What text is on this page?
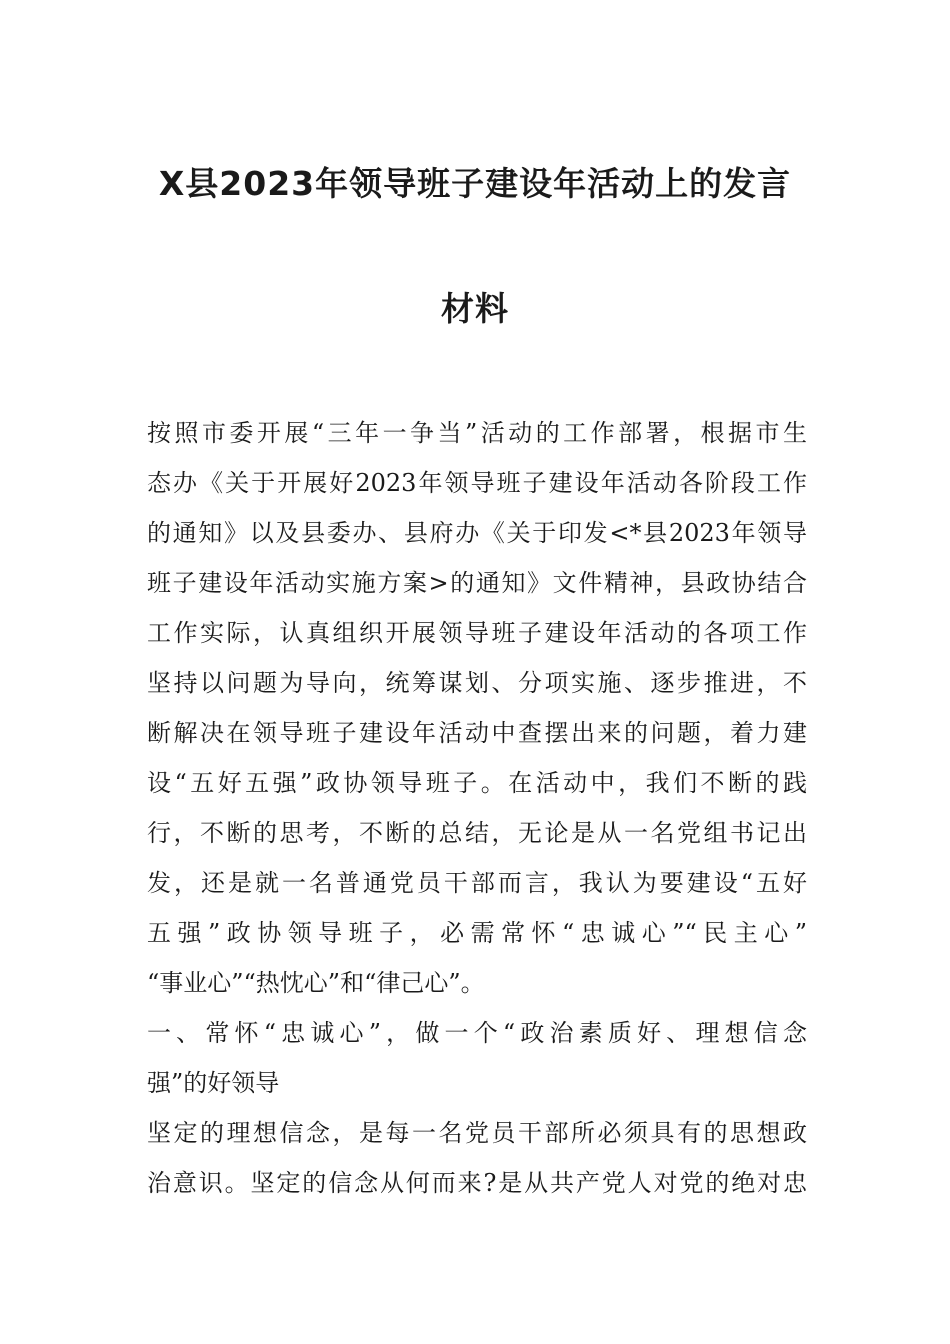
X县2023年领导班子建设年活动上的发言
材料
按照市委开展“三年一争当”活动的工作部署，根据市生
态办《关于开展好2023年领导班子建设年活动各阶段工作
的通知》以及县委办、县府办《关于印发<*县2023年领导
班子建设年活动实施方案>的通知》文件精神，县政协结合
工作实际，认真组织开展领导班子建设年活动的各项工作
坚持以问题为导向，统筹谋划、分项实施、逐步推进，不
断解决在领导班子建设年活动中查摆出来的问题，着力建
设“五好五强”政协领导班子。在活动中，我们不断的践
行，不断的思考，不断的总结，无论是从一名党组书记出
发，还是就一名普通党员干部而言，我认为要建设“五好
五强”政协领导班子，必需常怀“忠诚心”“民主心”
“事业心”“热忱心”和“律己心”。
一、常怀“忠诚心”，做一个“政治素质好、理想信念
强”的好领导
坚定的理想信念，是每一名党员干部所必须具有的思想政
治意识。坚定的信念从何而来?是从共产党人对党的绝对忠
